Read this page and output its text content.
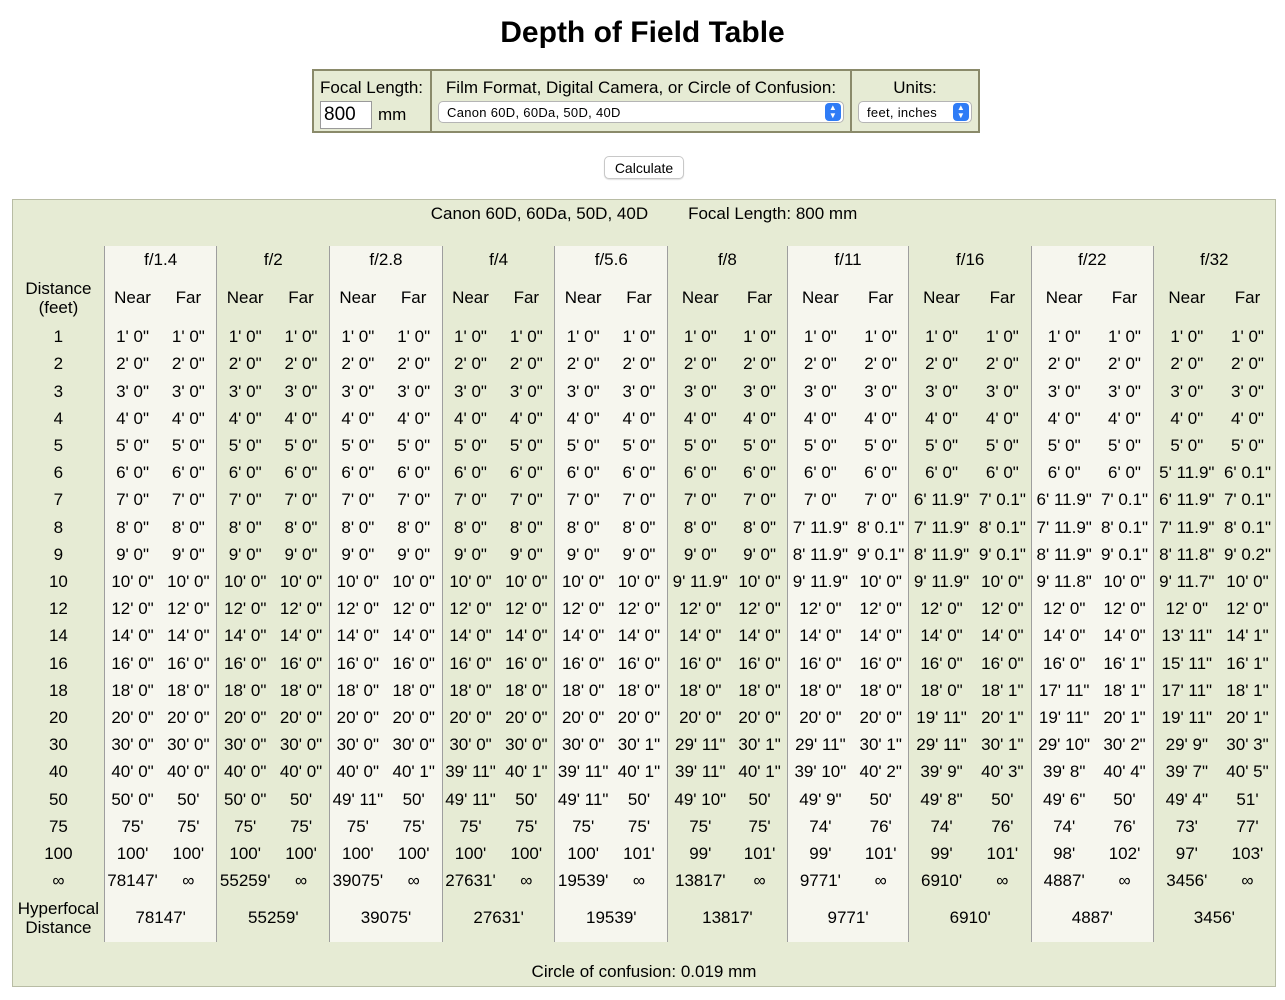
Depth of Field Table
Focal Length:
800mm	
Film Format, Digital Camera, or Circle of Confusion:
Canon 60D, 60Da, 50D, 40D	▲
▼

Units:
feet, inches ▲
▼
Calculate
Canon 60D, 60Da, 50D, 40D Focal Length: 800 mm
	f/1.4		f/2		f/2.8		f/4		f/5.6		f/8		f/11		f/16		f/22		f/32	
Distance
(feet)	Near	Far	Near	Far	Near	Far	Near	Far	Near	Far	Near	Far	Near	Far	Near	Far	Near	Far	Near	Far
1	1' 0"	1' 0"	1' 0"	1' 0"	1' 0"	1' 0"	1' 0"	1' 0"	1' 0"	1' 0"	1' 0"	1' 0"	1' 0"	1' 0"	1' 0"	1' 0"	1' 0"	1' 0"	1' 0"	1' 0"
2	2' 0"	2' 0"	2' 0"	2' 0"	2' 0"	2' 0"	2' 0"	2' 0"	2' 0"	2' 0"	2' 0"	2' 0"	2' 0"	2' 0"	2' 0"	2' 0"	2' 0"	2' 0"	2' 0"	2' 0"
3	3' 0"	3' 0"	3' 0"	3' 0"	3' 0"	3' 0"	3' 0"	3' 0"	3' 0"	3' 0"	3' 0"	3' 0"	3' 0"	3' 0"	3' 0"	3' 0"	3' 0"	3' 0"	3' 0"	3' 0"
4	4' 0"	4' 0"	4' 0"	4' 0"	4' 0"	4' 0"	4' 0"	4' 0"	4' 0"	4' 0"	4' 0"	4' 0"	4' 0"	4' 0"	4' 0"	4' 0"	4' 0"	4' 0"	4' 0"	4' 0"
5	5' 0"	5' 0"	5' 0"	5' 0"	5' 0"	5' 0"	5' 0"	5' 0"	5' 0"	5' 0"	5' 0"	5' 0"	5' 0"	5' 0"	5' 0"	5' 0"	5' 0"	5' 0"	5' 0"	5' 0"
6	6' 0"	6' 0"	6' 0"	6' 0"	6' 0"	6' 0"	6' 0"	6' 0"	6' 0"	6' 0"	6' 0"	6' 0"	6' 0"	6' 0"	6' 0"	6' 0"	6' 0"	6' 0"	5' 11.9"	6' 0.1"
7	7' 0"	7' 0"	7' 0"	7' 0"	7' 0"	7' 0"	7' 0"	7' 0"	7' 0"	7' 0"	7' 0"	7' 0"	7' 0"	7' 0"	6' 11.9"	7' 0.1"	6' 11.9"	7' 0.1"	6' 11.9"	7' 0.1"
8	8' 0"	8' 0"	8' 0"	8' 0"	8' 0"	8' 0"	8' 0"	8' 0"	8' 0"	8' 0"	8' 0"	8' 0"	7' 11.9"	8' 0.1"	7' 11.9"	8' 0.1"	7' 11.9"	8' 0.1"	7' 11.9"	8' 0.1"
9	9' 0"	9' 0"	9' 0"	9' 0"	9' 0"	9' 0"	9' 0"	9' 0"	9' 0"	9' 0"	9' 0"	9' 0"	8' 11.9"	9' 0.1"	8' 11.9"	9' 0.1"	8' 11.9"	9' 0.1"	8' 11.8"	9' 0.2"
10	10' 0"	10' 0"	10' 0"	10' 0"	10' 0"	10' 0"	10' 0"	10' 0"	10' 0"	10' 0"	9' 11.9"	10' 0"	9' 11.9"	10' 0"	9' 11.9"	10' 0"	9' 11.8"	10' 0"	9' 11.7"	10' 0"
12	12' 0"	12' 0"	12' 0"	12' 0"	12' 0"	12' 0"	12' 0"	12' 0"	12' 0"	12' 0"	12' 0"	12' 0"	12' 0"	12' 0"	12' 0"	12' 0"	12' 0"	12' 0"	12' 0"	12' 0"
14	14' 0"	14' 0"	14' 0"	14' 0"	14' 0"	14' 0"	14' 0"	14' 0"	14' 0"	14' 0"	14' 0"	14' 0"	14' 0"	14' 0"	14' 0"	14' 0"	14' 0"	14' 0"	13' 11"	14' 1"
16	16' 0"	16' 0"	16' 0"	16' 0"	16' 0"	16' 0"	16' 0"	16' 0"	16' 0"	16' 0"	16' 0"	16' 0"	16' 0"	16' 0"	16' 0"	16' 0"	16' 0"	16' 1"	15' 11"	16' 1"
18	18' 0"	18' 0"	18' 0"	18' 0"	18' 0"	18' 0"	18' 0"	18' 0"	18' 0"	18' 0"	18' 0"	18' 0"	18' 0"	18' 0"	18' 0"	18' 1"	17' 11"	18' 1"	17' 11"	18' 1"
20	20' 0"	20' 0"	20' 0"	20' 0"	20' 0"	20' 0"	20' 0"	20' 0"	20' 0"	20' 0"	20' 0"	20' 0"	20' 0"	20' 0"	19' 11"	20' 1"	19' 11"	20' 1"	19' 11"	20' 1"
30	30' 0"	30' 0"	30' 0"	30' 0"	30' 0"	30' 0"	30' 0"	30' 0"	30' 0"	30' 1"	29' 11"	30' 1"	29' 11"	30' 1"	29' 11"	30' 1"	29' 10"	30' 2"	29' 9"	30' 3"
40	40' 0"	40' 0"	40' 0"	40' 0"	40' 0"	40' 1"	39' 11"	40' 1"	39' 11"	40' 1"	39' 11"	40' 1"	39' 10"	40' 2"	39' 9"	40' 3"	39' 8"	40' 4"	39' 7"	40' 5"
50	50' 0"	50'	50' 0"	50'	49' 11"	50'	49' 11"	50'	49' 11"	50'	49' 10"	50'	49' 9"	50'	49' 8"	50'	49' 6"	50'	49' 4"	51'
75	75'	75'	75'	75'	75'	75'	75'	75'	75'	75'	75'	75'	74'	76'	74'	76'	74'	76'	73'	77'
100	100'	100'	100'	100'	100'	100'	100'	100'	100'	101'	99'	101'	99'	101'	99'	101'	98'	102'	97'	103'
∞	78147'	∞	55259'	∞	39075'	∞	27631'	∞	19539'	∞	13817'	∞	9771'	∞	6910'	∞	4887'	∞	3456'	∞
Hyperfocal
Distance	78147'		55259'		39075'		27631'		19539'		13817'		9771'		6910'		4887'		3456'	
Circle of confusion: 0.019 mm
